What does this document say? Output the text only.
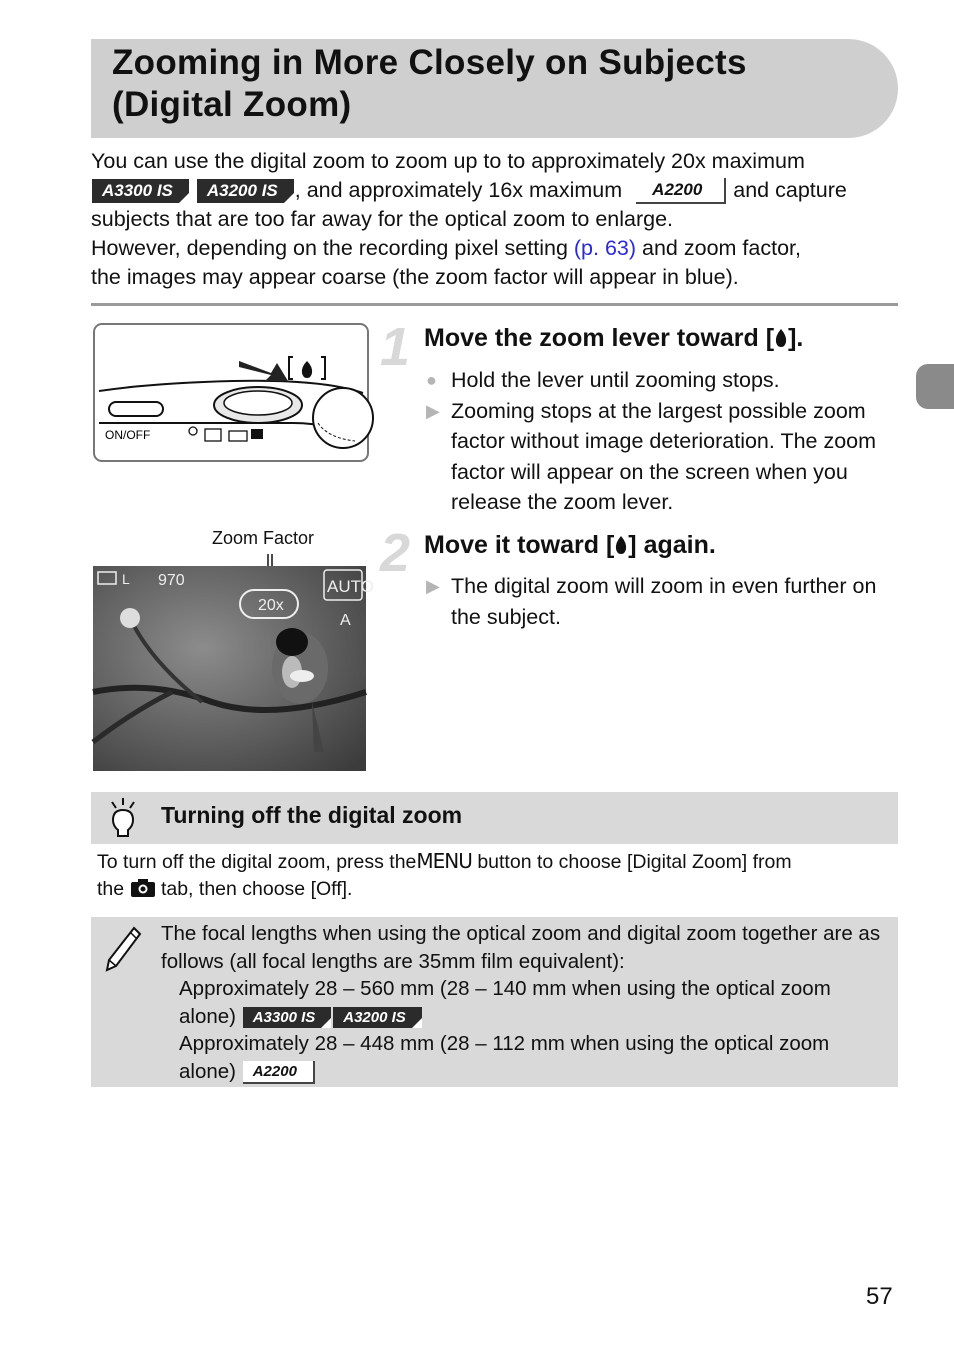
Zooming in More Closely on Subjects
(Digital Zoom)

You can use the digital zoom to zoom up to to approximately 20x maximum

A3300 IS A3200 IS , and approximately 16x maximum A2200 and capture

subjects that are too far away for the optical zoom to enlarge.

However, depending on the recording pixel setting (p. 63) and zoom factor,

the images may appear coarse (the zoom factor will appear in blue).

ON/OFF
1 Move the zoom lever toward [ ].
● Hold the lever until zooming stops.
▶ Zooming stops at the largest possible zoom factor without image deterioration. The zoom factor will appear on the screen when you release the zoom lever.
Zoom Factor
L 970
20x
AUTO
A
2 Move it toward [ ] again.
▶ The digital zoom will zoom in even further on the subject.
Turning off the digital zoom
To turn off the digital zoom, press theMENU button to choose [Digital Zoom] from
the tab, then choose [Off].
The focal lengths when using the optical zoom and digital zoom together are as follows (all focal lengths are 35mm film equivalent):
Approximately 28 – 560 mm (28 – 140 mm when using the optical zoom alone) A3300 IS A3200 IS
Approximately 28 – 448 mm (28 – 112 mm when using the optical zoom alone) A2200
57
